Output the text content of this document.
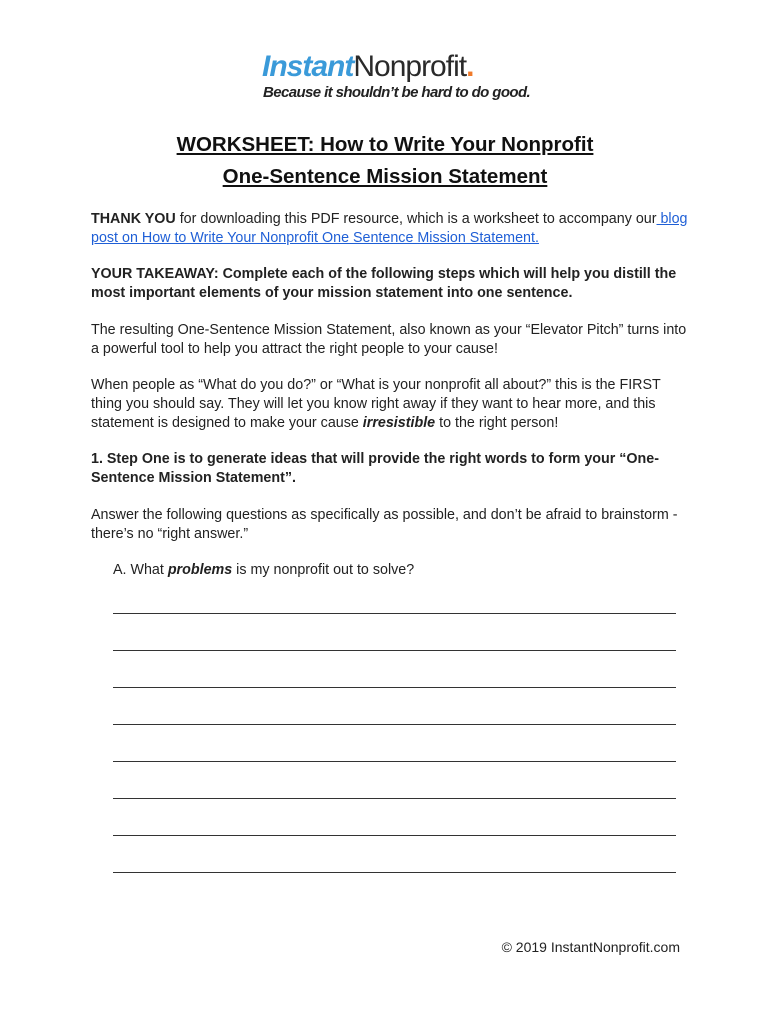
InstantNonprofit.
Because it shouldn’t be hard to do good.
WORKSHEET: How to Write Your Nonprofit
One-Sentence Mission Statement
THANK YOU for downloading this PDF resource, which is a worksheet to accompany our blog post on How to Write Your Nonprofit One Sentence Mission Statement.
YOUR TAKEAWAY: Complete each of the following steps which will help you distill the most important elements of your mission statement into one sentence.
The resulting One-Sentence Mission Statement, also known as your “Elevator Pitch” turns into a powerful tool to help you attract the right people to your cause!
When people as “What do you do?” or “What is your nonprofit all about?” this is the FIRST thing you should say. They will let you know right away if they want to hear more, and this statement is designed to make your cause irresistible to the right person!
1. Step One is to generate ideas that will provide the right words to form your “One-Sentence Mission Statement”.
Answer the following questions as specifically as possible, and don’t be afraid to brainstorm - there’s no “right answer.”
A. What problems is my nonprofit out to solve?
© 2019 InstantNonprofit.com
